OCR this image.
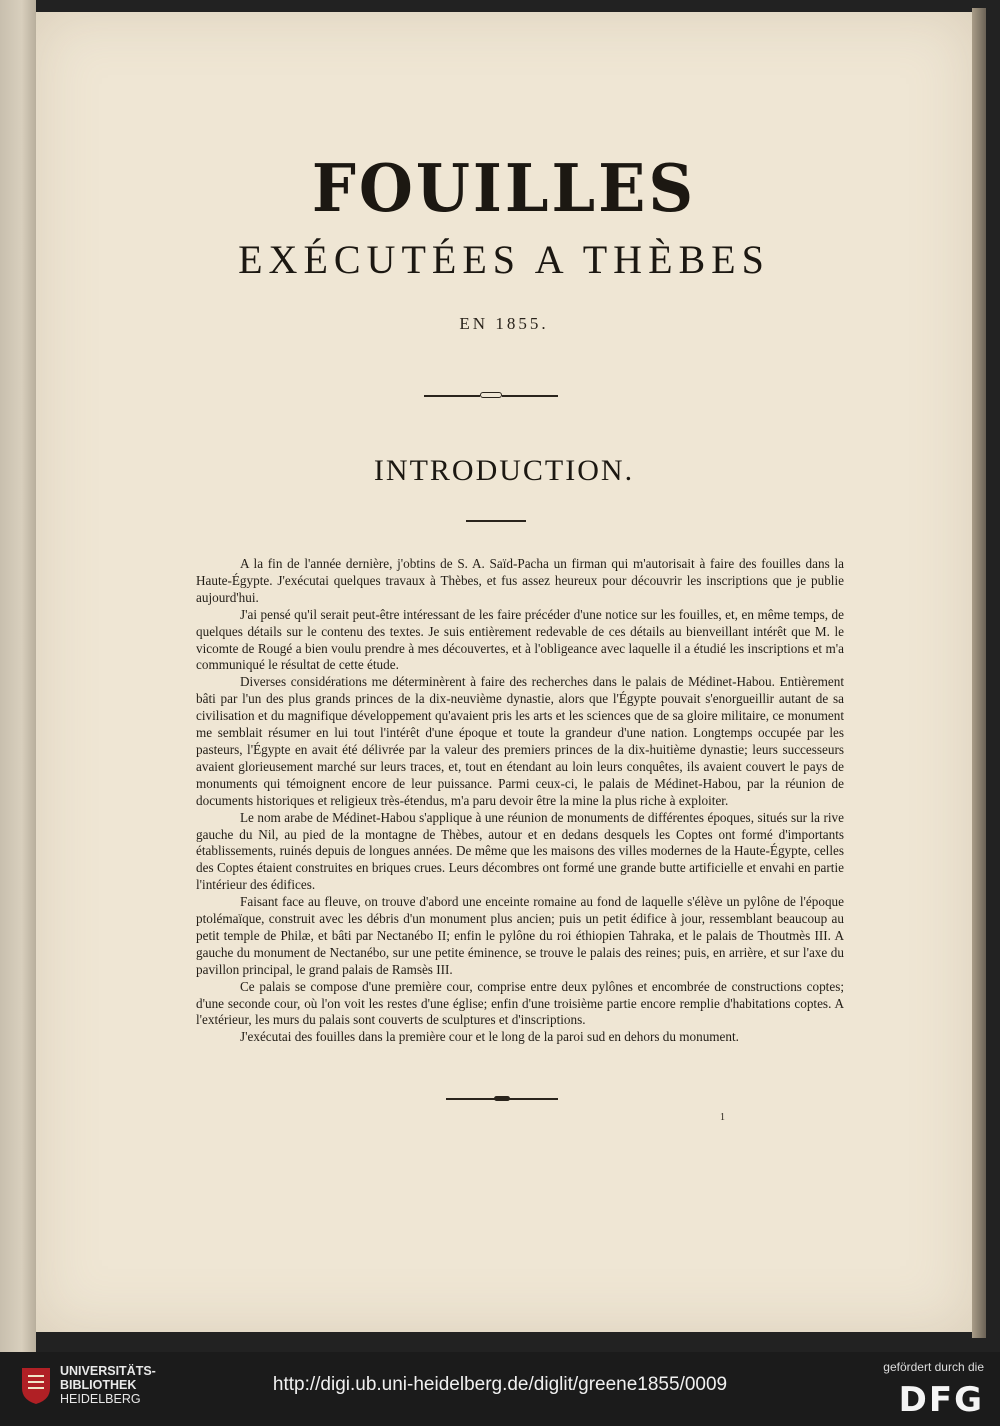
FOUILLES
EXÉCUTÉES A THÈBES
EN 1855.
INTRODUCTION.

A la fin de l'année dernière, j'obtins de S. A. Saïd-Pacha un firman qui m'autorisait à faire des fouilles dans la Haute-Égypte. J'exécutai quelques travaux à Thèbes, et fus assez heureux pour découvrir les inscriptions que je publie aujourd'hui.

J'ai pensé qu'il serait peut-être intéressant de les faire précéder d'une notice sur les fouilles, et, en même temps, de quelques détails sur le contenu des textes. Je suis entièrement redevable de ces détails au bienveillant intérêt que M. le vicomte de Rougé a bien voulu prendre à mes découvertes, et à l'obligeance avec laquelle il a étudié les inscriptions et m'a communiqué le résultat de cette étude.

Diverses considérations me déterminèrent à faire des recherches dans le palais de Médinet-Habou. Entièrement bâti par l'un des plus grands princes de la dix-neuvième dynastie, alors que l'Égypte pouvait s'enorgueillir autant de sa civilisation et du magnifique développement qu'avaient pris les arts et les sciences que de sa gloire militaire, ce monument me semblait résumer en lui tout l'intérêt d'une époque et toute la grandeur d'une nation. Longtemps occupée par les pasteurs, l'Égypte en avait été délivrée par la valeur des premiers princes de la dix-huitième dynastie; leurs successeurs avaient glorieusement marché sur leurs traces, et, tout en étendant au loin leurs conquêtes, ils avaient couvert le pays de monuments qui témoignent encore de leur puissance. Parmi ceux-ci, le palais de Médinet-Habou, par la réunion de documents historiques et religieux très-étendus, m'a paru devoir être la mine la plus riche à exploiter.

Le nom arabe de Médinet-Habou s'applique à une réunion de monuments de différentes époques, situés sur la rive gauche du Nil, au pied de la montagne de Thèbes, autour et en dedans desquels les Coptes ont formé d'importants établissements, ruinés depuis de longues années. De même que les maisons des villes modernes de la Haute-Égypte, celles des Coptes étaient construites en briques crues. Leurs décombres ont formé une grande butte artificielle et envahi en partie l'intérieur des édifices.

Faisant face au fleuve, on trouve d'abord une enceinte romaine au fond de laquelle s'élève un pylône de l'époque ptolémaïque, construit avec les débris d'un monument plus ancien; puis un petit édifice à jour, ressemblant beaucoup au petit temple de Philæ, et bâti par Nectanébo II; enfin le pylône du roi éthiopien Tahraka, et le palais de Thoutmès III. A gauche du monument de Nectanébo, sur une petite éminence, se trouve le palais des reines; puis, en arrière, et sur l'axe du pavillon principal, le grand palais de Ramsès III.

Ce palais se compose d'une première cour, comprise entre deux pylônes et encombrée de constructions coptes; d'une seconde cour, où l'on voit les restes d'une église; enfin d'une troisième partie encore remplie d'habitations coptes. A l'extérieur, les murs du palais sont couverts de sculptures et d'inscriptions.

J'exécutai des fouilles dans la première cour et le long de la paroi sud en dehors du monument.

1
UNIVERSITÄTS-
BIBLIOTHEK
HEIDELBERG
http://digi.ub.uni-heidelberg.de/diglit/greene1855/0009
gefördert durch die
DFG
